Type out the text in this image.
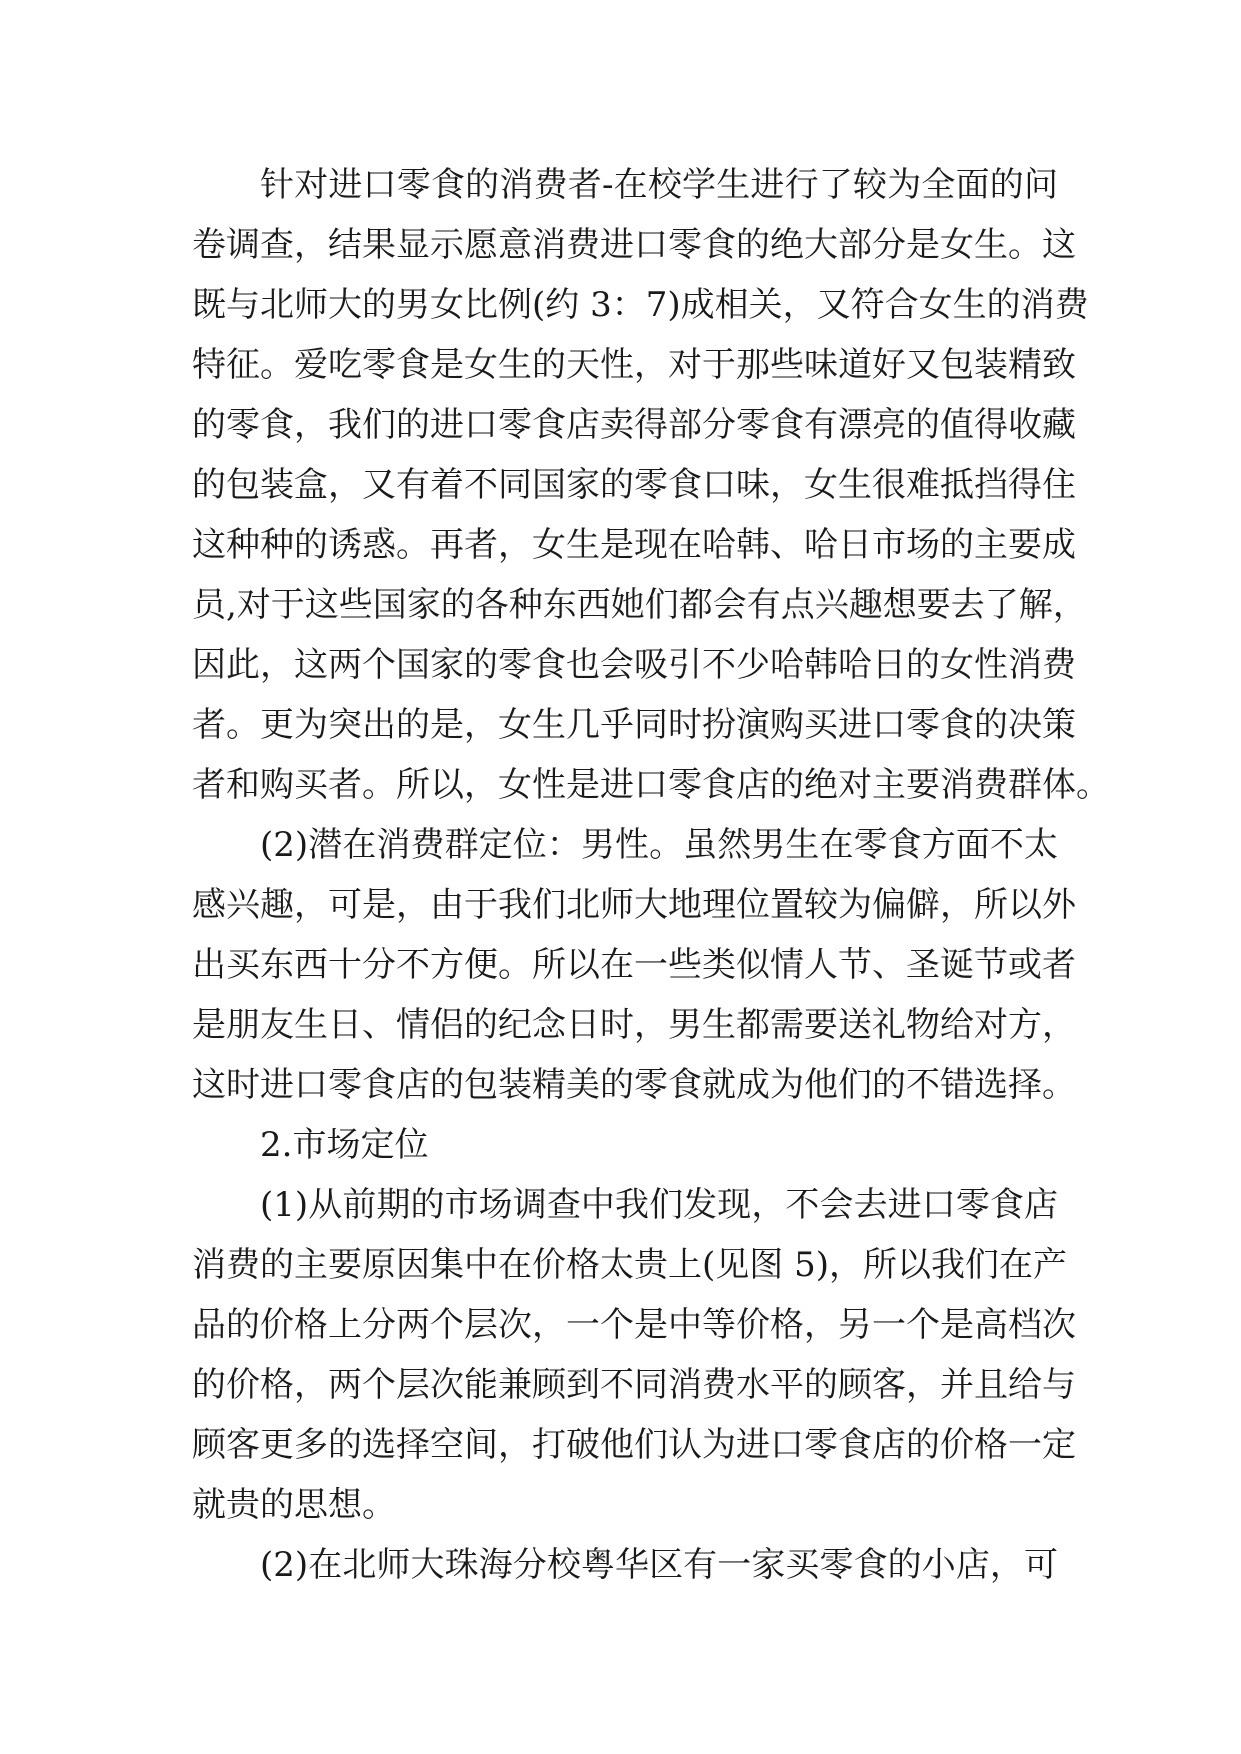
针对进口零食的消费者-在校学生进行了较为全面的问
卷调查，结果显示愿意消费进口零食的绝大部分是女生。这
既与北师大的男女比例(约 3：7)成相关，又符合女生的消费
特征。爱吃零食是女生的天性，对于那些味道好又包装精致
的零食，我们的进口零食店卖得部分零食有漂亮的值得收藏
的包装盒，又有着不同国家的零食口味，女生很难抵挡得住
这种种的诱惑。再者，女生是现在哈韩、哈日市场的主要成
员,对于这些国家的各种东西她们都会有点兴趣想要去了解，
因此，这两个国家的零食也会吸引不少哈韩哈日的女性消费
者。更为突出的是，女生几乎同时扮演购买进口零食的决策
者和购买者。所以，女性是进口零食店的绝对主要消费群体。
(2)潜在消费群定位：男性。虽然男生在零食方面不太
感兴趣，可是，由于我们北师大地理位置较为偏僻，所以外
出买东西十分不方便。所以在一些类似情人节、圣诞节或者
是朋友生日、情侣的纪念日时，男生都需要送礼物给对方，
这时进口零食店的包装精美的零食就成为他们的不错选择。
2.市场定位
(1)从前期的市场调查中我们发现，不会去进口零食店
消费的主要原因集中在价格太贵上(见图 5)，所以我们在产
品的价格上分两个层次，一个是中等价格，另一个是高档次
的价格，两个层次能兼顾到不同消费水平的顾客，并且给与
顾客更多的选择空间，打破他们认为进口零食店的价格一定
就贵的思想。
(2)在北师大珠海分校粤华区有一家买零食的小店，可
